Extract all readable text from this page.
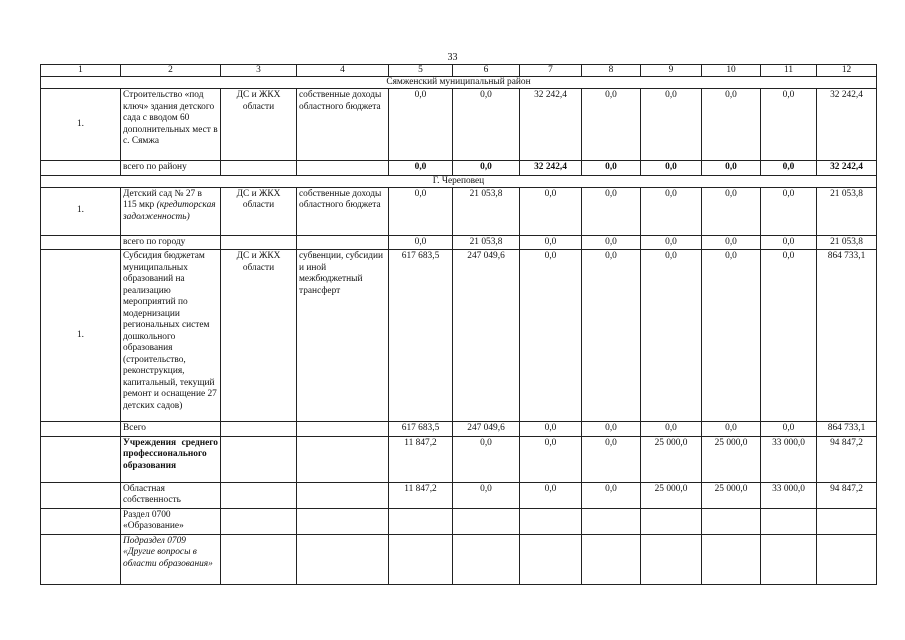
33
1	2	3	4	5	6	7	8	9	10	11	12
Сямженский муниципальный район											
1.	Строительство «под ключ» здания детского сада с вводом 60 дополнительных мест в с. Сямжа	ДС и ЖКХ области	собственные доходы областного бюджета	0,0	0,0	32 242,4	0,0	0,0	0,0	0,0	32 242,4
	всего по району			0,0	0,0	32 242,4	0,0	0,0	0,0	0,0	32 242,4
Г. Череповец											
1.	Детский сад № 27 в 115 мкр (кредиторская задолженность)	ДС и ЖКХ области	собственные доходы областного бюджета	0,0	21 053,8	0,0	0,0	0,0	0,0	0,0	21 053,8
	всего по городу			0,0	21 053,8	0,0	0,0	0,0	0,0	0,0	21 053,8
1.	Субсидия бюджетам муниципальных образований на реализацию мероприятий по модернизации региональных систем дошкольного образования (строительство, реконструкция, капитальный, текущий ремонт и оснащение 27 детских садов)	ДС и ЖКХ области	субвенции, субсидии и иной межбюджетный трансферт	617 683,5	247 049,6	0,0	0,0	0,0	0,0	0,0	864 733,1
	Всего			617 683,5	247 049,6	0,0	0,0	0,0	0,0	0,0	864 733,1
	Учреждения среднего профессионального образования			11 847,2	0,0	0,0	0,0	25 000,0	25 000,0	33 000,0	94 847,2
	Областная собственность			11 847,2	0,0	0,0	0,0	25 000,0	25 000,0	33 000,0	94 847,2
	Раздел 0700 «Образование»										
	Подраздел 0709 «Другие вопросы в области образования»										
